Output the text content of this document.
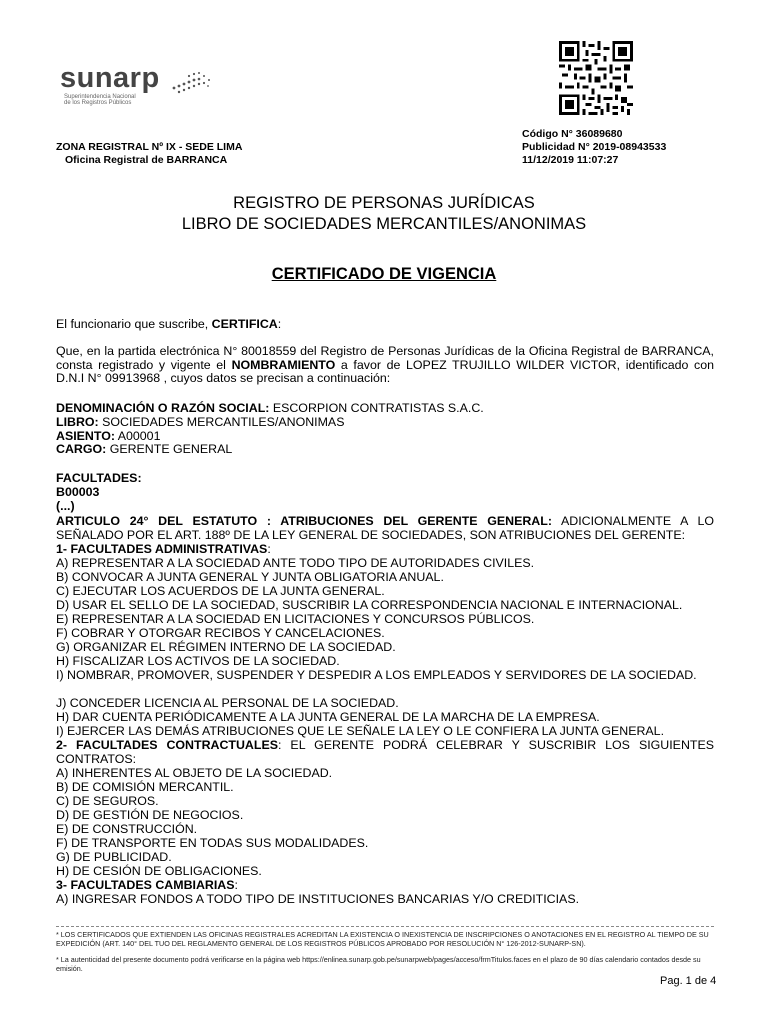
sunarp
Superintendencia Nacional
de los Registros Públicos
Código N° 36089680
Publicidad N° 2019-08943533
11/12/2019 11:07:27
ZONA REGISTRAL Nº IX - SEDE LIMA
Oficina Registral de BARRANCA
REGISTRO DE PERSONAS JURÍDICAS
LIBRO DE SOCIEDADES MERCANTILES/ANONIMAS
CERTIFICADO DE VIGENCIA
El funcionario que suscribe, CERTIFICA:
Que, en la partida electrónica N° 80018559 del Registro de Personas Jurídicas de la Oficina Registral de BARRANCA, consta registrado y vigente el NOMBRAMIENTO a favor de LOPEZ TRUJILLO WILDER VICTOR, identificado con D.N.I N° 09913968 , cuyos datos se precisan a continuación:
DENOMINACIÓN O RAZÓN SOCIAL: ESCORPION CONTRATISTAS S.A.C.
LIBRO: SOCIEDADES MERCANTILES/ANONIMAS
ASIENTO: A00001
CARGO: GERENTE GENERAL
FACULTADES:
B00003
(...)
ARTICULO 24° DEL ESTATUTO : ATRIBUCIONES DEL GERENTE GENERAL: ADICIONALMENTE A LO SEÑALADO POR EL ART. 188º DE LA LEY GENERAL DE SOCIEDADES, SON ATRIBUCIONES DEL GERENTE:
1- FACULTADES ADMINISTRATIVAS:
A) REPRESENTAR A LA SOCIEDAD ANTE TODO TIPO DE AUTORIDADES CIVILES.
B) CONVOCAR A JUNTA GENERAL Y JUNTA OBLIGATORIA ANUAL.
C) EJECUTAR LOS ACUERDOS DE LA JUNTA GENERAL.
D) USAR EL SELLO DE LA SOCIEDAD, SUSCRIBIR LA CORRESPONDENCIA NACIONAL E INTERNACIONAL.
E) REPRESENTAR A LA SOCIEDAD EN LICITACIONES Y CONCURSOS PÚBLICOS.
F) COBRAR Y OTORGAR RECIBOS Y CANCELACIONES.
G) ORGANIZAR EL RÉGIMEN INTERNO DE LA SOCIEDAD.
H) FISCALIZAR LOS ACTIVOS DE LA SOCIEDAD.
I) NOMBRAR, PROMOVER, SUSPENDER Y DESPEDIR A LOS EMPLEADOS Y SERVIDORES DE LA SOCIEDAD.
J) CONCEDER LICENCIA AL PERSONAL DE LA SOCIEDAD.
H) DAR CUENTA PERIÓDICAMENTE A LA JUNTA GENERAL DE LA MARCHA DE LA EMPRESA.
I) EJERCER LAS DEMÁS ATRIBUCIONES QUE LE SEÑALE LA LEY O LE CONFIERA LA JUNTA GENERAL.
2- FACULTADES CONTRACTUALES: EL GERENTE PODRÁ CELEBRAR Y SUSCRIBIR LOS SIGUIENTES CONTRATOS:
A) INHERENTES AL OBJETO DE LA SOCIEDAD.
B) DE COMISIÓN MERCANTIL.
C) DE SEGUROS.
D) DE GESTIÓN DE NEGOCIOS.
E) DE CONSTRUCCIÓN.
F) DE TRANSPORTE EN TODAS SUS MODALIDADES.
G) DE PUBLICIDAD.
H) DE CESIÓN DE OBLIGACIONES.
3- FACULTADES CAMBIARIAS:
A) INGRESAR FONDOS A TODO TIPO DE INSTITUCIONES BANCARIAS Y/O CREDITICIAS.
* LOS CERTIFICADOS QUE EXTIENDEN LAS OFICINAS REGISTRALES ACREDITAN LA EXISTENCIA O INEXISTENCIA DE INSCRIPCIONES O ANOTACIONES EN EL REGISTRO AL TIEMPO DE SU EXPEDICIÓN (ART. 140° DEL TUO DEL REGLAMENTO GENERAL DE LOS REGISTROS PÚBLICOS APROBADO POR RESOLUCIÓN N° 126-2012-SUNARP-SN).
* La autenticidad del presente documento podrá verificarse en la página web https://enlinea.sunarp.gob.pe/sunarpweb/pages/acceso/frmTitulos.faces en el plazo de 90 días calendario contados desde su emisión.
Pag. 1 de 4
